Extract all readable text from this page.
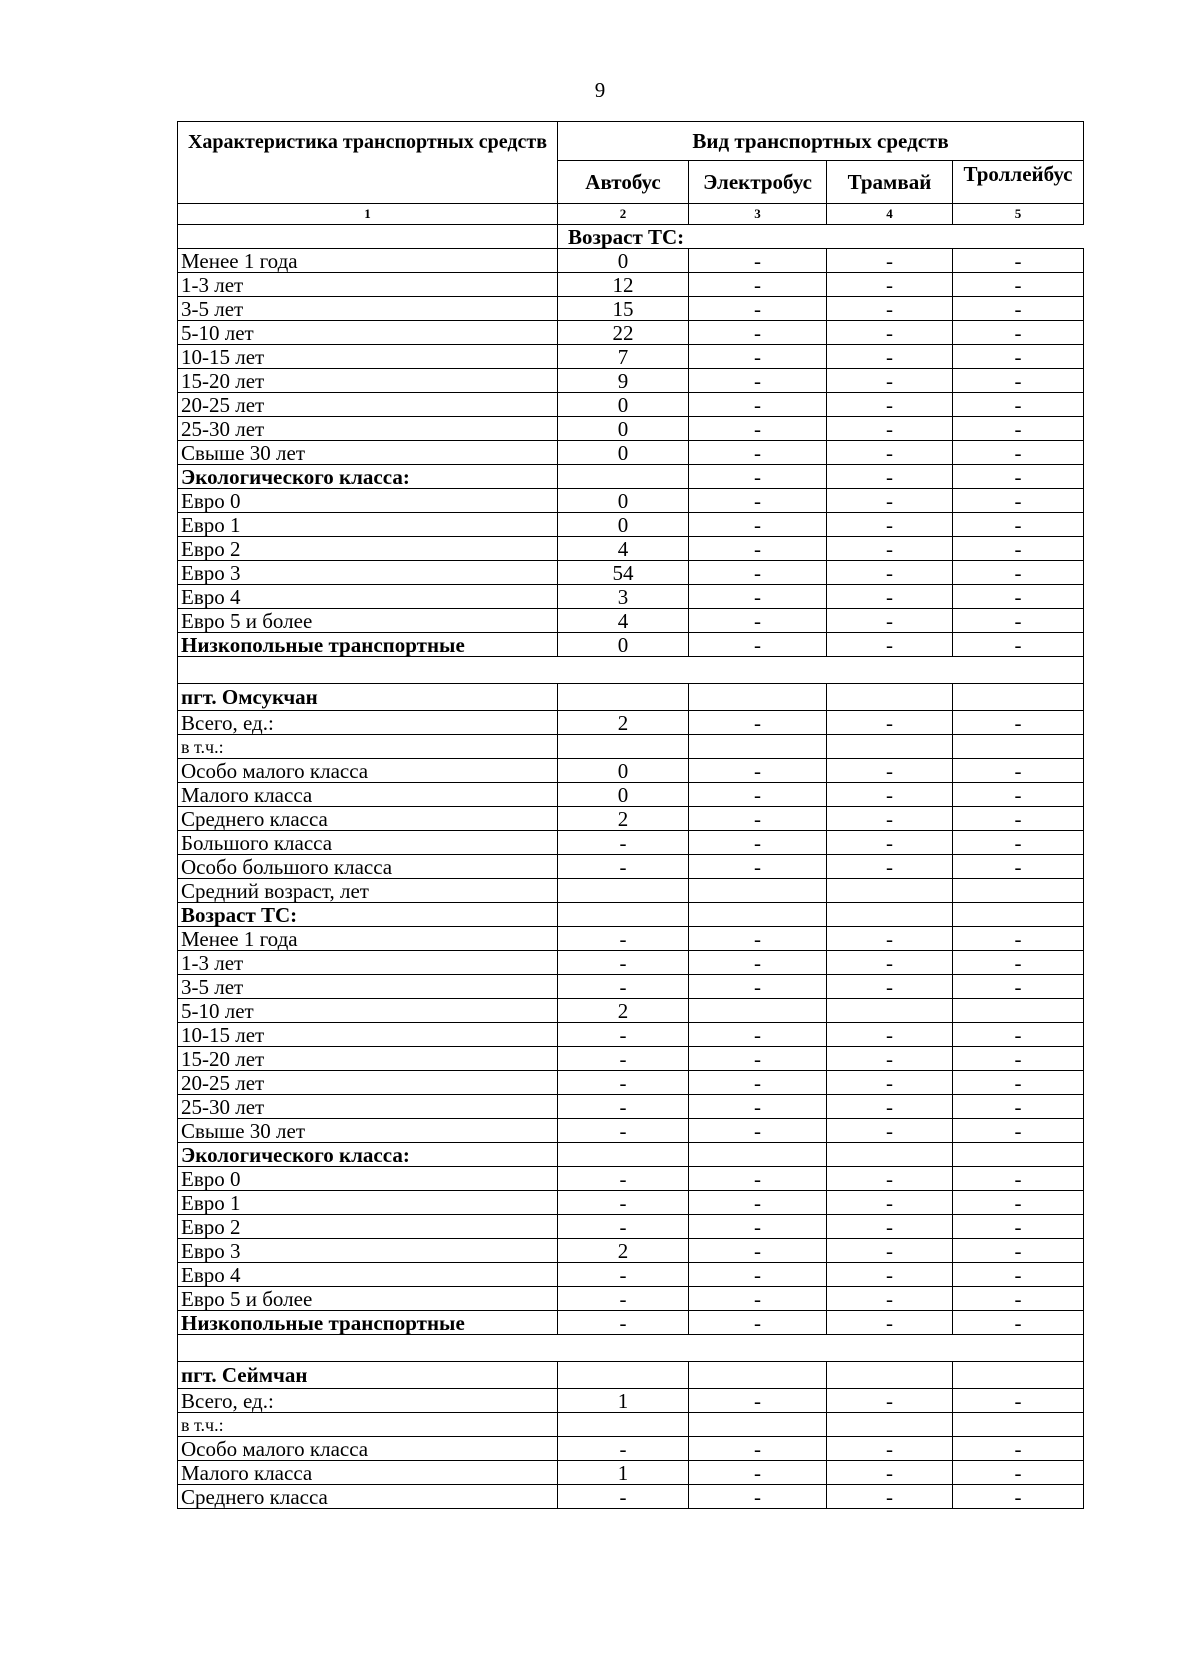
9
Характеристика транспортных средств	Вид транспортных средств			
	Автобус	Электробус	Трамвай	Троллейбус
1	2	3	4	5
	Возраст ТС:			
Менее 1 года	0	-	-	-
1-3 лет	12	-	-	-
3-5 лет	15	-	-	-
5-10 лет	22	-	-	-
10-15 лет	7	-	-	-
15-20 лет	9	-	-	-
20-25 лет	0	-	-	-
25-30 лет	0	-	-	-
Свыше 30 лет	0	-	-	-
Экологического класса:		-	-	-
Евро 0	0	-	-	-
Евро 1	0	-	-	-
Евро 2	4	-	-	-
Евро 3	54	-	-	-
Евро 4	3	-	-	-
Евро 5 и более	4	-	-	-
Низкопольные транспортные	0	-	-	-

пгт. Омсукчан				
Всего, ед.:	2	-	-	-
в т.ч.:				
Особо малого класса	0	-	-	-
Малого класса	0	-	-	-
Среднего класса	2	-	-	-
Большого класса	-	-	-	-
Особо большого класса	-	-	-	-
Средний возраст, лет				
Возраст ТС:				
Менее 1 года	-	-	-	-
1-3 лет	-	-	-	-
3-5 лет	-	-	-	-
5-10 лет	2			
10-15 лет	-	-	-	-
15-20 лет	-	-	-	-
20-25 лет	-	-	-	-
25-30 лет	-	-	-	-
Свыше 30 лет	-	-	-	-
Экологического класса:				
Евро 0	-	-	-	-
Евро 1	-	-	-	-
Евро 2	-	-	-	-
Евро 3	2	-	-	-
Евро 4	-	-	-	-
Евро 5 и более	-	-	-	-
Низкопольные транспортные	-	-	-	-

пгт. Сеймчан				
Всего, ед.:	1	-	-	-
в т.ч.:				
Особо малого класса	-	-	-	-
Малого класса	1	-	-	-
Среднего класса	-	-	-	-
